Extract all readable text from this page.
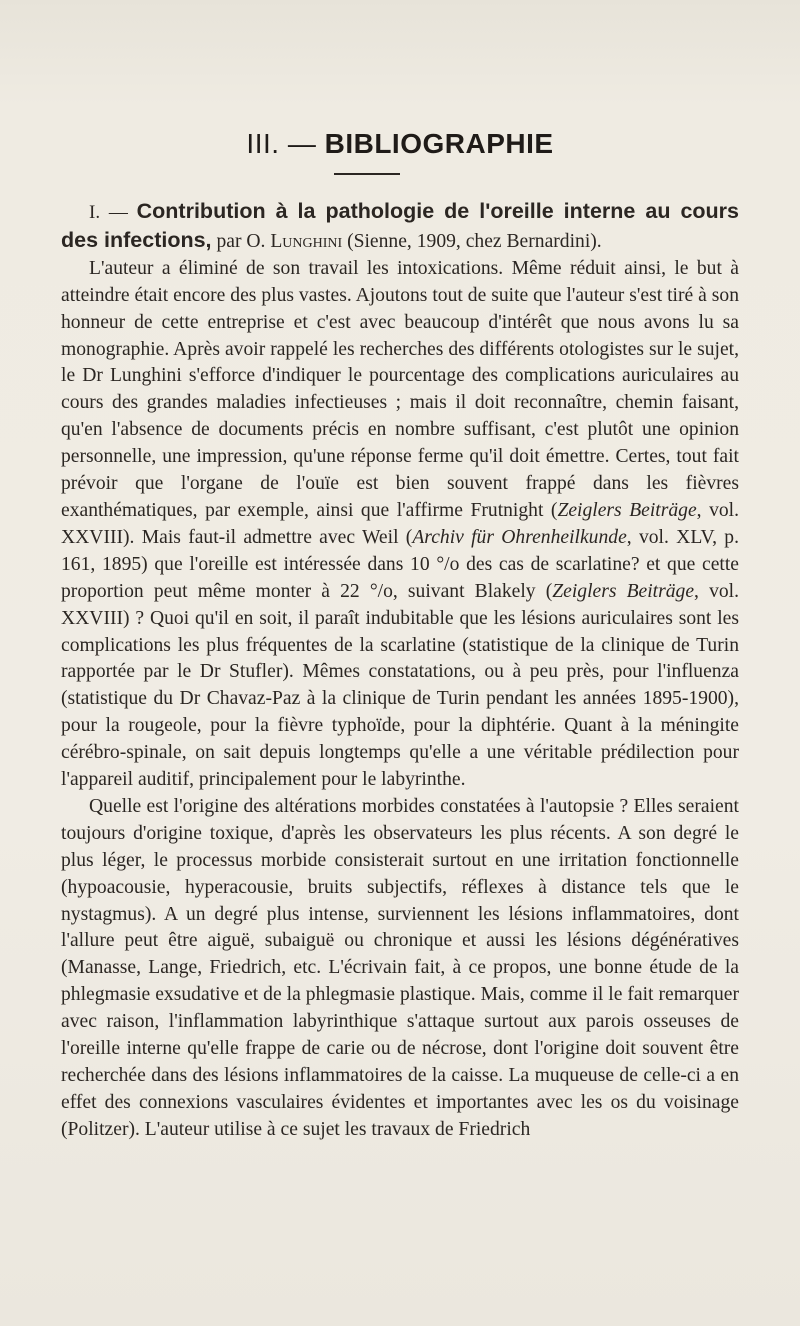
III. — BIBLIOGRAPHIE

I. — Contribution à la pathologie de l'oreille interne au cours des infections, par O. Lunghini (Sienne, 1909, chez Bernardini).

L'auteur a éliminé de son travail les intoxications. Même réduit ainsi, le but à atteindre était encore des plus vastes. Ajoutons tout de suite que l'auteur s'est tiré à son honneur de cette entreprise et c'est avec beaucoup d'intérêt que nous avons lu sa monographie. Après avoir rappelé les recherches des différents otologistes sur le sujet, le Dr Lunghini s'efforce d'indiquer le pourcentage des complications auriculaires au cours des grandes maladies infectieuses ; mais il doit reconnaître, chemin faisant, qu'en l'absence de documents précis en nombre suffisant, c'est plutôt une opinion personnelle, une impression, qu'une réponse ferme qu'il doit émettre. Certes, tout fait prévoir que l'organe de l'ouïe est bien souvent frappé dans les fièvres exanthématiques, par exemple, ainsi que l'affirme Frutnight (Zeiglers Beiträge, vol. XXVIII). Mais faut-il admettre avec Weil (Archiv für Ohrenheilkunde, vol. XLV, p. 161, 1895) que l'oreille est intéressée dans 10 °/o des cas de scarlatine? et que cette proportion peut même monter à 22 °/o, suivant Blakely (Zeiglers Beiträge, vol. XXVIII) ? Quoi qu'il en soit, il paraît indubitable que les lésions auriculaires sont les complications les plus fréquentes de la scarlatine (statistique de la clinique de Turin rapportée par le Dr Stufler). Mêmes constatations, ou à peu près, pour l'influenza (statistique du Dr Chavaz-Paz à la clinique de Turin pendant les années 1895-1900), pour la rougeole, pour la fièvre typhoïde, pour la diphtérie. Quant à la méningite cérébro-spinale, on sait depuis longtemps qu'elle a une véritable prédilection pour l'appareil auditif, principalement pour le labyrinthe.

Quelle est l'origine des altérations morbides constatées à l'autopsie ? Elles seraient toujours d'origine toxique, d'après les observateurs les plus récents. A son degré le plus léger, le processus morbide consisterait surtout en une irritation fonctionnelle (hypoacousie, hyperacousie, bruits subjectifs, réflexes à distance tels que le nystagmus). A un degré plus intense, surviennent les lésions inflammatoires, dont l'allure peut être aiguë, subaiguë ou chronique et aussi les lésions dégénératives (Manasse, Lange, Friedrich, etc. L'écrivain fait, à ce propos, une bonne étude de la phlegmasie exsudative et de la phlegmasie plastique. Mais, comme il le fait remarquer avec raison, l'inflammation labyrinthique s'attaque surtout aux parois osseuses de l'oreille interne qu'elle frappe de carie ou de nécrose, dont l'origine doit souvent être recherchée dans des lésions inflammatoires de la caisse. La muqueuse de celle-ci a en effet des connexions vasculaires évidentes et importantes avec les os du voisinage (Politzer). L'auteur utilise à ce sujet les travaux de Friedrich
